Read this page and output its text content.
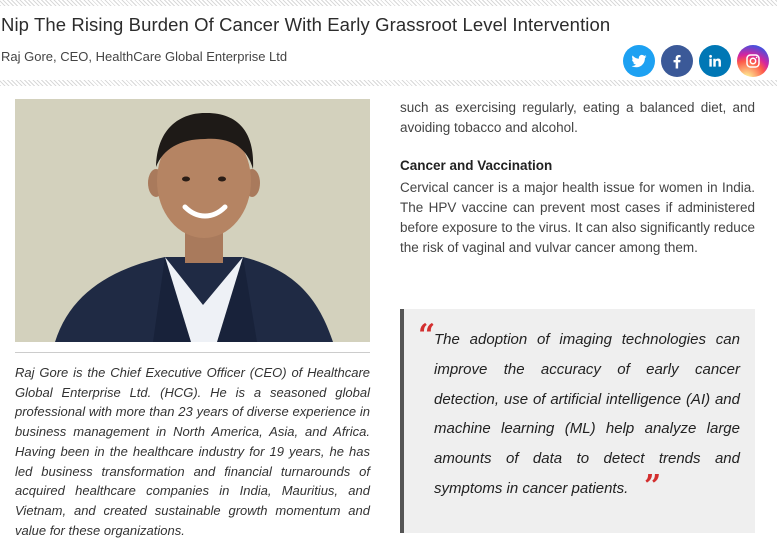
Nip The Rising Burden Of Cancer With Early Grassroot Level Intervention
Raj Gore, CEO, HealthCare Global Enterprise Ltd

Raj Gore is the Chief Executive Officer (CEO) of Healthcare Global Enterprise Ltd. (HCG). He is a seasoned global professional with more than 23 years of diverse experience in business management in North America, Asia, and Africa. Having been in the healthcare industry for 19 years, he has led business transformation and financial turnarounds of acquired healthcare companies in India, Mauritius, and Vietnam, and created sustainable growth momentum and value for these organizations.

such as exercising regularly, eating a balanced diet, and avoiding tobacco and alcohol.

Cancer and Vaccination

Cervical cancer is a major health issue for women in India. The HPV vaccine can prevent most cases if administered before exposure to the virus. It can also significantly reduce the risk of vaginal and vulvar cancer among them.

“

The adoption of imaging technologies can improve the accuracy of early cancer detection, use of artificial intelligence (AI) and machine learning (ML) help analyze large amounts of data to detect trends and symptoms in cancer patients. ”
